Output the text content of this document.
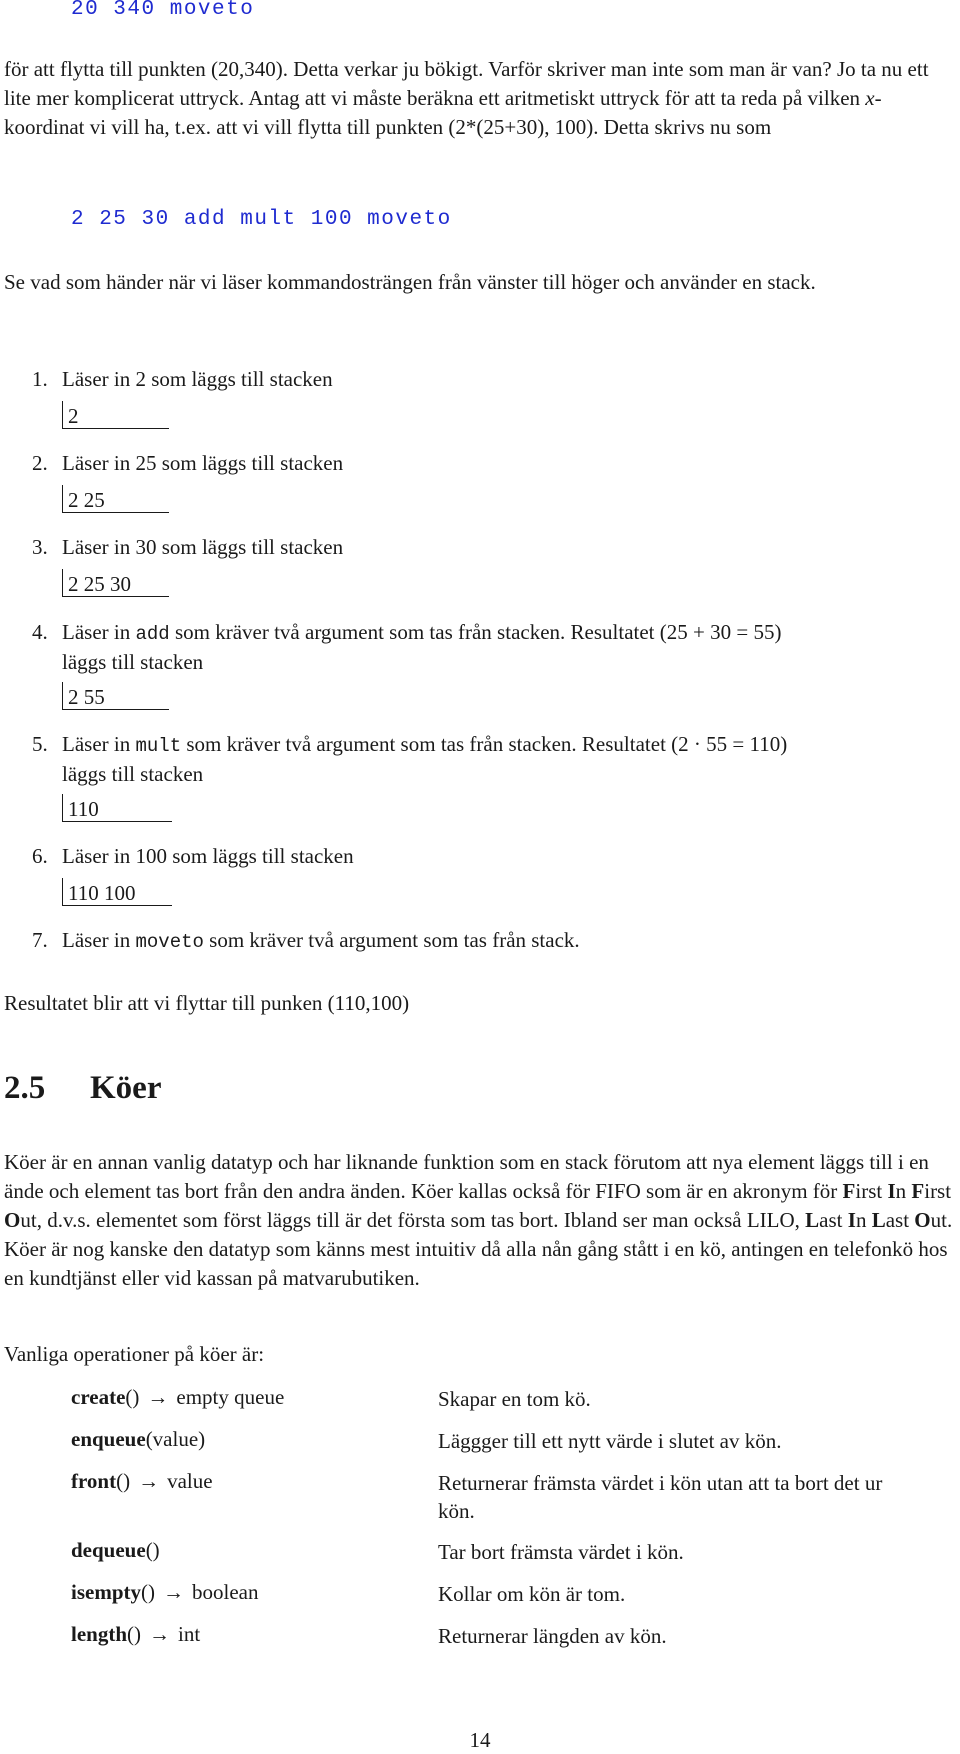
20 340 moveto

för att flytta till punkten (20,340). Detta verkar ju bökigt. Varför skriver man inte som man är van? Jo ta nu ett lite mer komplicerat uttryck. Antag att vi måste beräkna ett aritmetiskt uttryck för att ta reda på vilken x-koordinat vi vill ha, t.ex. att vi vill flytta till punkten (2*(25+30), 100). Detta skrivs nu som

2 25 30 add mult 100 moveto
Se vad som händer när vi läser kommandosträngen från vänster till höger och använder en stack.
1. Läser in 2 som läggs till stacken
2
2. Läser in 25 som läggs till stacken
2 25
3. Läser in 30 som läggs till stacken
2 25 30
4. Läser in add som kräver två argument som tas från stacken. Resultatet (25 + 30 = 55)
läggs till stacken
2 55
5. Läser in mult som kräver två argument som tas från stacken. Resultatet (2 · 55 = 110)
läggs till stacken
110
6. Läser in 100 som läggs till stacken
110 100
7. Läser in moveto som kräver två argument som tas från stack.
Resultatet blir att vi flyttar till punken (110,100)
2.5 Köer

Köer är en annan vanlig datatyp och har liknande funktion som en stack förutom att nya element läggs till i en ände och element tas bort från den andra änden. Köer kallas också för FIFO som är en akronym för First In First Out, d.v.s. elementet som först läggs till är det första som tas bort. Ibland ser man också LILO, Last In Last Out. Köer är nog kanske den datatyp som känns mest intuitiv då alla nån gång stått i en kö, antingen en telefonkö hos en kundtjänst eller vid kassan på matvarubutiken.

Vanliga operationer på köer är:
create() → empty queue	Skapar en tom kö.
enqueue(value)	Läggger till ett nytt värde i slutet av kön.
front() → value	Returnerar främsta värdet i kön utan att ta bort det ur kön.
dequeue()	Tar bort främsta värdet i kön.
isempty() → boolean	Kollar om kön är tom.
length() → int	Returnerar längden av kön.
14
